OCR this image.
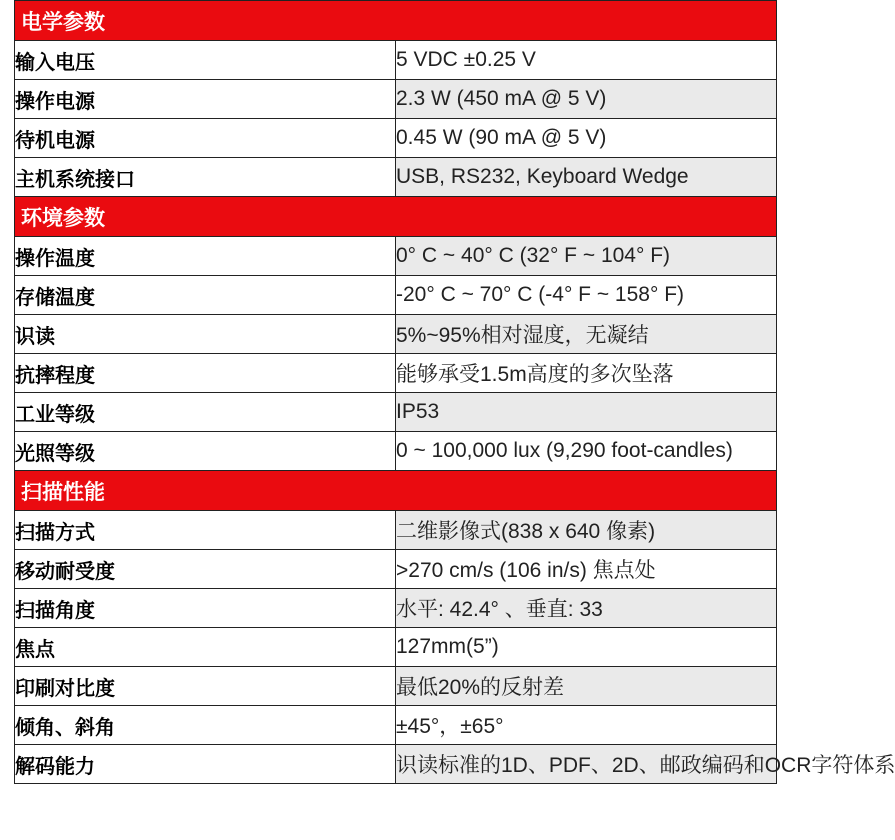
电学参数	
输入电压	5 VDC ±0.25 V
操作电源	2.3 W (450 mA @ 5 V)
待机电源	0.45 W (90 mA @ 5 V)
主机系统接口	USB, RS232, Keyboard Wedge
环境参数	
操作温度	0° C ~ 40° C (32° F ~ 104° F)
存储温度	-20° C ~ 70° C (-4° F ~ 158° F)
识读	5%~95%相对湿度，无凝结
抗摔程度	能够承受1.5m高度的多次坠落
工业等级	IP53
光照等级	0 ~ 100,000 lux (9,290 foot-candles)
扫描性能	
扫描方式	二维影像式(838 x 640 像素)
移动耐受度	>270 cm/s (106 in/s) 焦点处
扫描角度	水平: 42.4° 、垂直: 33
焦点	127mm(5”)
印刷对比度	最低20%的反射差
倾角、斜角	±45°，±65°
解码能力	识读标准的1D、PDF、2D、邮政编码和OCR字符体系
